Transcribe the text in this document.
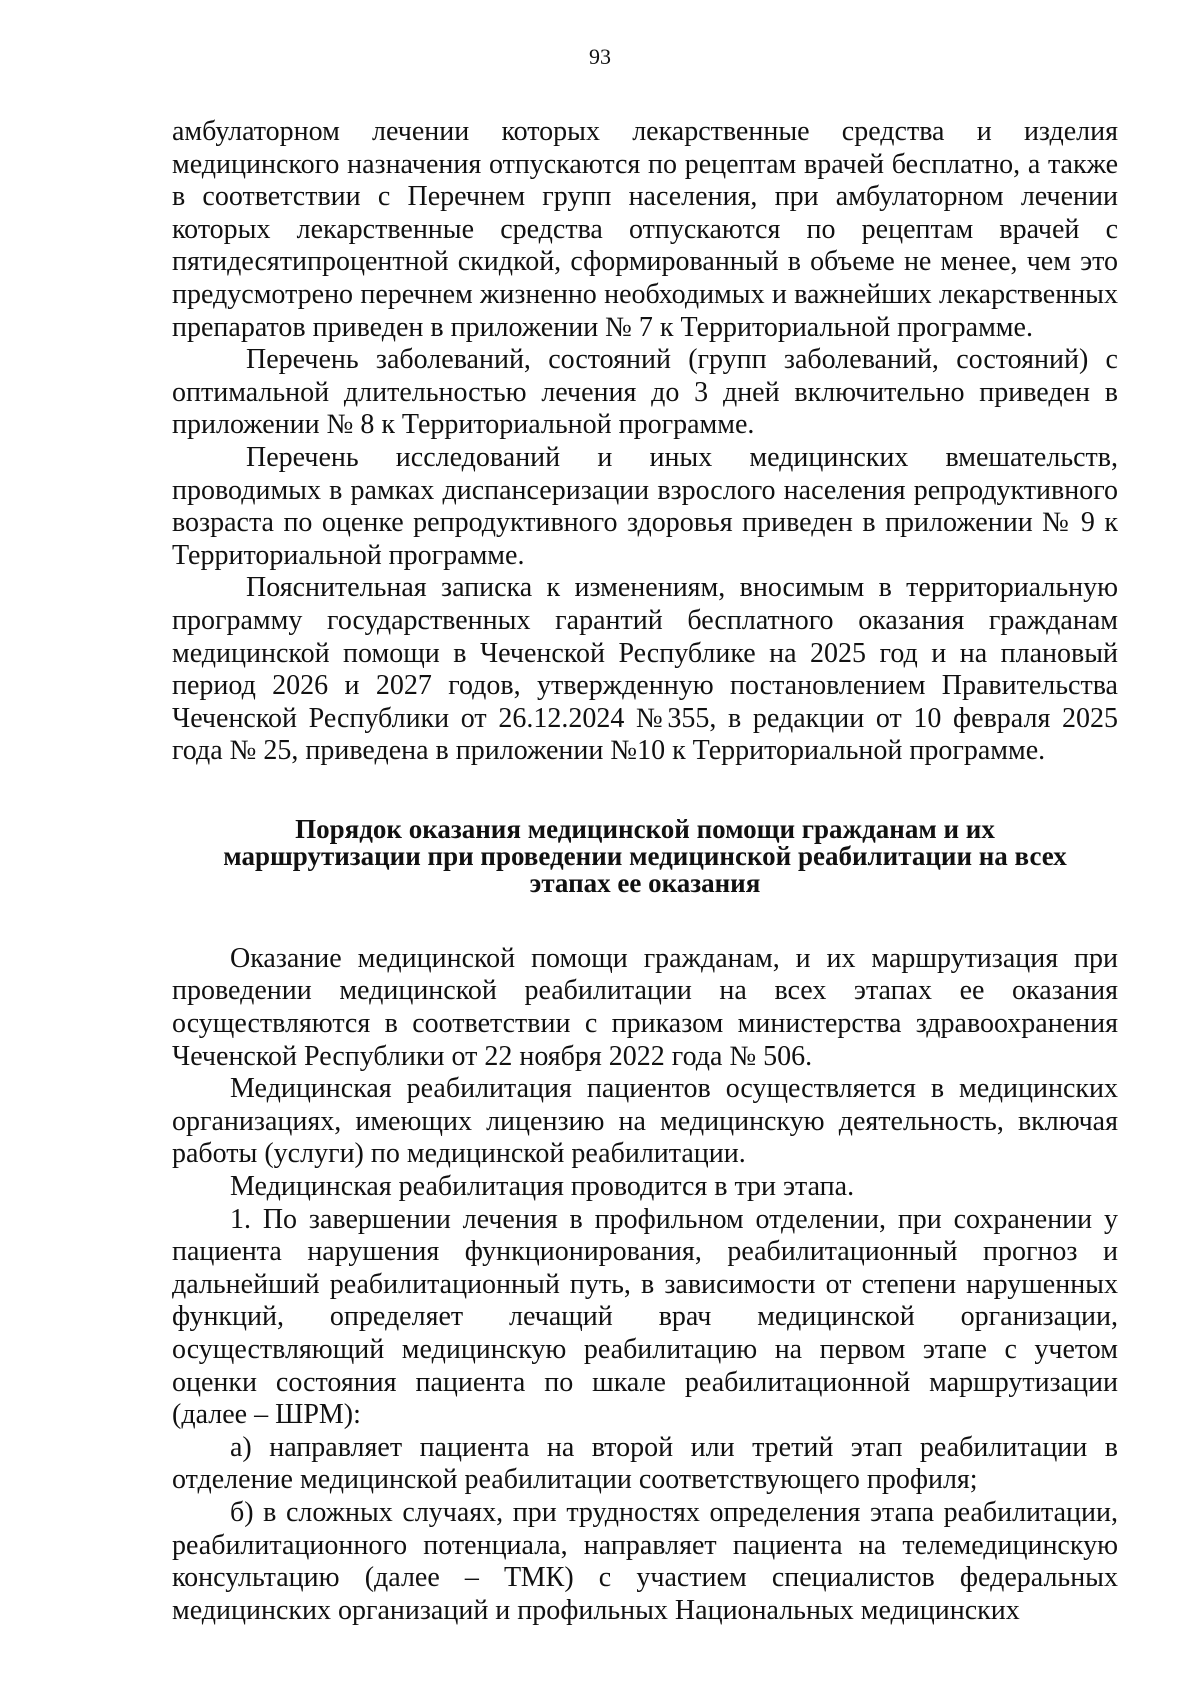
93

амбулаторном лечении которых лекарственные средства и изделия медицинского назначения отпускаются по рецептам врачей бесплатно, а также в соответствии с Перечнем групп населения, при амбулаторном лечении которых лекарственные средства отпускаются по рецептам врачей с пятидесятипроцентной скидкой, сформированный в объеме не менее, чем это предусмотрено перечнем жизненно необходимых и важнейших лекарственных препаратов приведен в приложении № 7 к Территориальной программе.

Перечень заболеваний, состояний (групп заболеваний, состояний) с оптимальной длительностью лечения до 3 дней включительно приведен в приложении № 8 к Территориальной программе.

Перечень исследований и иных медицинских вмешательств, проводимых в рамках диспансеризации взрослого населения репродуктивного возраста по оценке репродуктивного здоровья приведен в приложении № 9 к Территориальной программе.

Пояснительная записка к изменениям, вносимым в территориальную программу государственных гарантий бесплатного оказания гражданам медицинской помощи в Чеченской Республике на 2025 год и на плановый период 2026 и 2027 годов, утвержденную постановлением Правительства Чеченской Республики от 26.12.2024 №355, в редакции от 10 февраля 2025 года № 25, приведена в приложении №10 к Территориальной программе.

Порядок оказания медицинской помощи гражданам и их
маршрутизации при проведении медицинской реабилитации на всех
этапах ее оказания

Оказание медицинской помощи гражданам, и их маршрутизация при проведении медицинской реабилитации на всех этапах ее оказания осуществляются в соответствии с приказом министерства здравоохранения Чеченской Республики от 22 ноября 2022 года № 506.

Медицинская реабилитация пациентов осуществляется в медицинских организациях, имеющих лицензию на медицинскую деятельность, включая работы (услуги) по медицинской реабилитации.

Медицинская реабилитация проводится в три этапа.

1. По завершении лечения в профильном отделении, при сохранении у пациента нарушения функционирования, реабилитационный прогноз и дальнейший реабилитационный путь, в зависимости от степени нарушенных функций, определяет лечащий врач медицинской организации, осуществляющий медицинскую реабилитацию на первом этапе с учетом оценки состояния пациента по шкале реабилитационной маршрутизации (далее – ШРМ):

а) направляет пациента на второй или третий этап реабилитации в отделение медицинской реабилитации соответствующего профиля;

б) в сложных случаях, при трудностях определения этапа реабилитации, реабилитационного потенциала, направляет пациента на телемедицинскую консультацию (далее – ТМК) с участием специалистов федеральных медицинских организаций и профильных Национальных медицинских
